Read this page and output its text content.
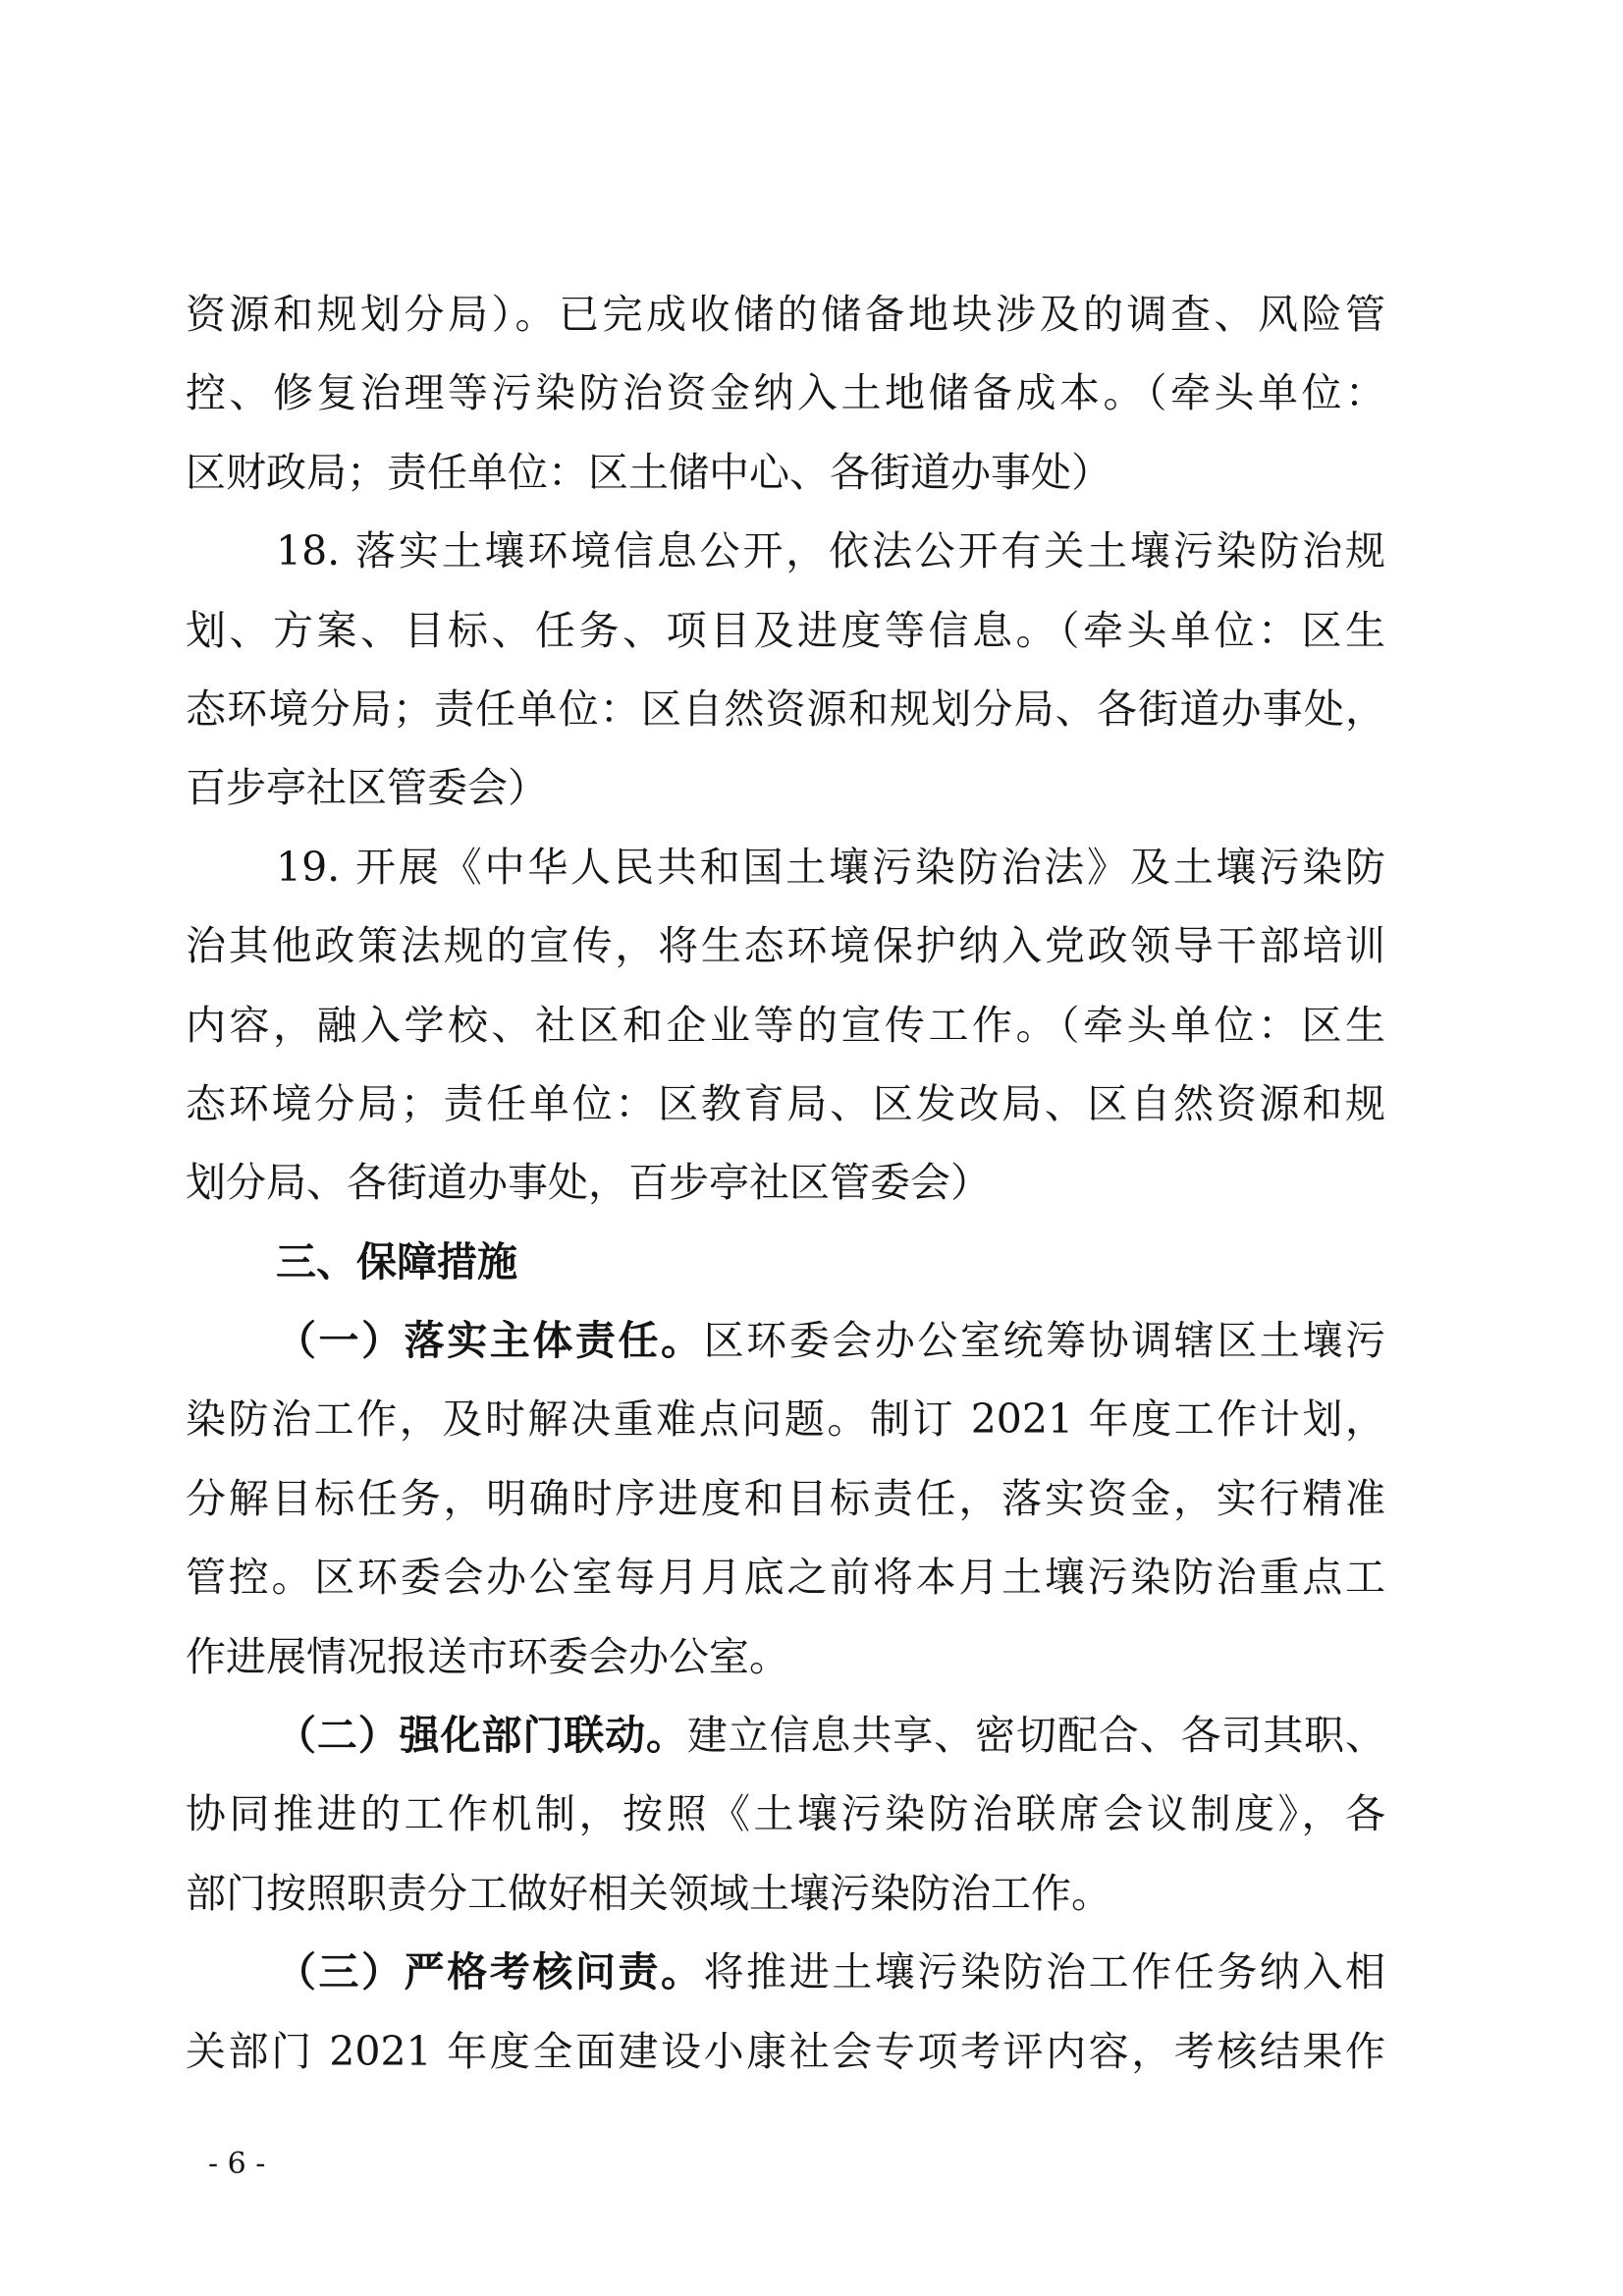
资源和规划分局）。已完成收储的储备地块涉及的调查、风险管
控、修复治理等污染防治资金纳入土地储备成本。（牵头单位：
区财政局；责任单位：区土储中心、各街道办事处）
18. 落实土壤环境信息公开，依法公开有关土壤污染防治规
划、方案、目标、任务、项目及进度等信息。（牵头单位：区生
态环境分局；责任单位：区自然资源和规划分局、各街道办事处，
百步亭社区管委会）
19. 开展《中华人民共和国土壤污染防治法》及土壤污染防
治其他政策法规的宣传，将生态环境保护纳入党政领导干部培训
内容，融入学校、社区和企业等的宣传工作。（牵头单位：区生
态环境分局；责任单位：区教育局、区发改局、区自然资源和规
划分局、各街道办事处，百步亭社区管委会）
三、保障措施
（一）落实主体责任。区环委会办公室统筹协调辖区土壤污
染防治工作，及时解决重难点问题。制订 2021 年度工作计划，
分解目标任务，明确时序进度和目标责任，落实资金，实行精准
管控。区环委会办公室每月月底之前将本月土壤污染防治重点工
作进展情况报送市环委会办公室。
（二）强化部门联动。建立信息共享、密切配合、各司其职、
协同推进的工作机制，按照《土壤污染防治联席会议制度》，各
部门按照职责分工做好相关领域土壤污染防治工作。
（三）严格考核问责。将推进土壤污染防治工作任务纳入相
关部门 2021 年度全面建设小康社会专项考评内容，考核结果作
- 6 -
